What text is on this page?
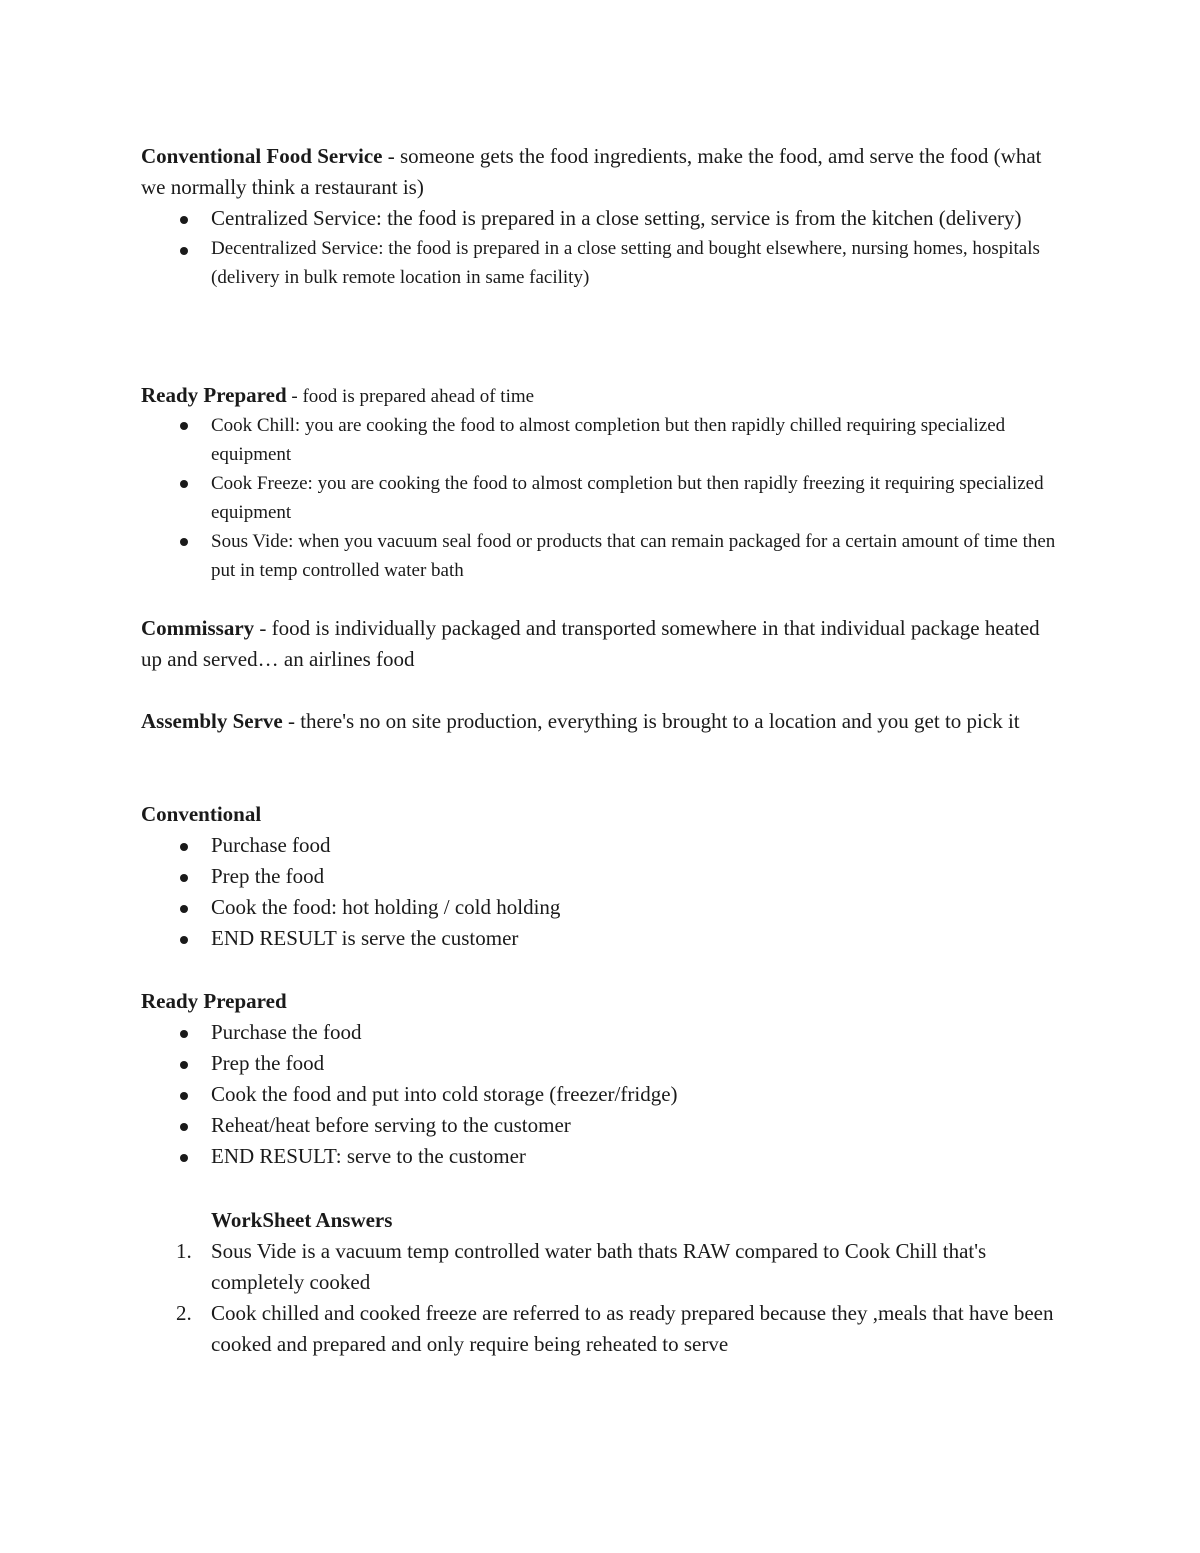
Conventional Food Service - someone gets the food ingredients, make the food, amd serve the food (what we normally think a restaurant is)

Centralized Service: the food is prepared in a close setting, service is from the kitchen (delivery)
Decentralized Service: the food is prepared in a close setting and bought elsewhere, nursing homes, hospitals (delivery in bulk remote location in same facility)

Ready Prepared - food is prepared ahead of time

Cook Chill: you are cooking the food to almost completion but then rapidly chilled requiring specialized equipment
Cook Freeze: you are cooking the food to almost completion but then rapidly freezing it requiring specialized equipment
Sous Vide: when you vacuum seal food or products that can remain packaged for a certain amount of time then put in temp controlled water bath

Commissary - food is individually packaged and transported somewhere in that individual package heated up and served… an airlines food

Assembly Serve - there's no on site production, everything is brought to a location and you get to pick it

Conventional

Purchase food
Prep the food
Cook the food: hot holding / cold holding
END RESULT is serve the customer

Ready Prepared

Purchase the food
Prep the food
Cook the food and put into cold storage (freezer/fridge)
Reheat/heat before serving to the customer
END RESULT: serve to the customer

WorkSheet Answers

1. Sous Vide is a vacuum temp controlled water bath thats RAW compared to Cook Chill that's completely cooked
2. Cook chilled and cooked freeze are referred to as ready prepared because they ,meals that have been cooked and prepared and only require being reheated to serve
